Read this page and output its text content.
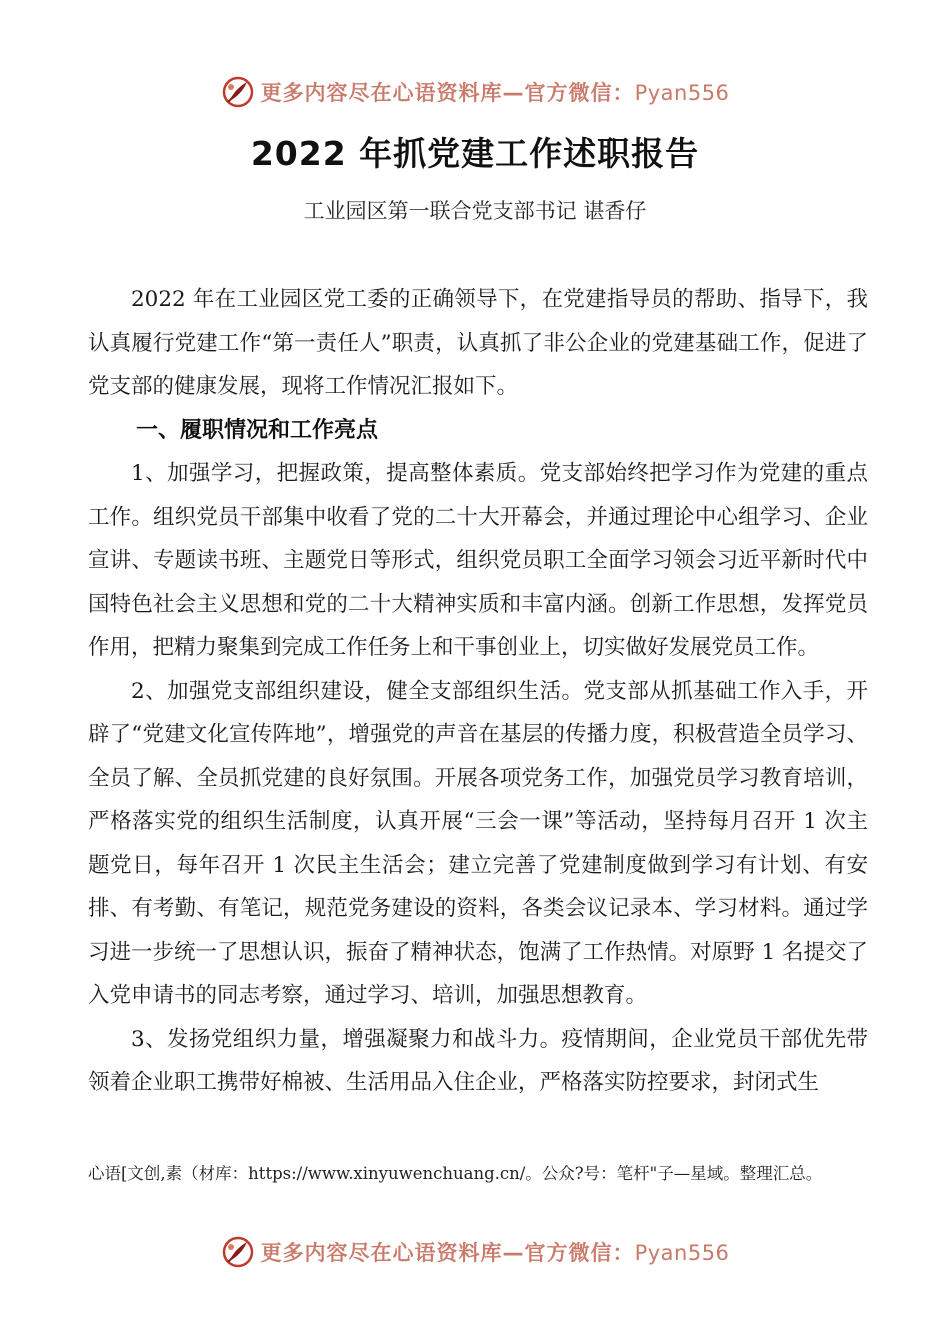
更多内容尽在心语资料库—官方微信：Pyan556
2022 年抓党建工作述职报告
工业园区第一联合党支部书记 谌香仔

2022 年在工业园区党工委的正确领导下，在党建指导员的帮助、指导下，我认真履行党建工作“第一责任人”职责，认真抓了非公企业的党建基础工作，促进了党支部的健康发展，现将工作情况汇报如下。

一、履职情况和工作亮点

1、加强学习，把握政策，提高整体素质。党支部始终把学习作为党建的重点工作。组织党员干部集中收看了党的二十大开幕会，并通过理论中心组学习、企业宣讲、专题读书班、主题党日等形式，组织党员职工全面学习领会习近平新时代中国特色社会主义思想和党的二十大精神实质和丰富内涵。创新工作思想，发挥党员作用，把精力聚集到完成工作任务上和干事创业上，切实做好发展党员工作。

2、加强党支部组织建设，健全支部组织生活。党支部从抓基础工作入手，开辟了“党建文化宣传阵地”，增强党的声音在基层的传播力度，积极营造全员学习、全员了解、全员抓党建的良好氛围。开展各项党务工作，加强党员学习教育培训，严格落实党的组织生活制度，认真开展“三会一课”等活动，坚持每月召开 1 次主题党日，每年召开 1 次民主生活会；建立完善了党建制度做到学习有计划、有安排、有考勤、有笔记，规范党务建设的资料，各类会议记录本、学习材料。通过学习进一步统一了思想认识，振奋了精神状态，饱满了工作热情。对原野 1 名提交了入党申请书的同志考察，通过学习、培训，加强思想教育。

3、发扬党组织力量，增强凝聚力和战斗力。疫情期间，企业党员干部优先带领着企业职工携带好棉被、生活用品入住企业，严格落实防控要求，封闭式生

心语[文创,素（材库：https://www.xinyuwenchuang.cn/。公众?号：笔杆"子—星域。整理汇总。
更多内容尽在心语资料库—官方微信：Pyan556
